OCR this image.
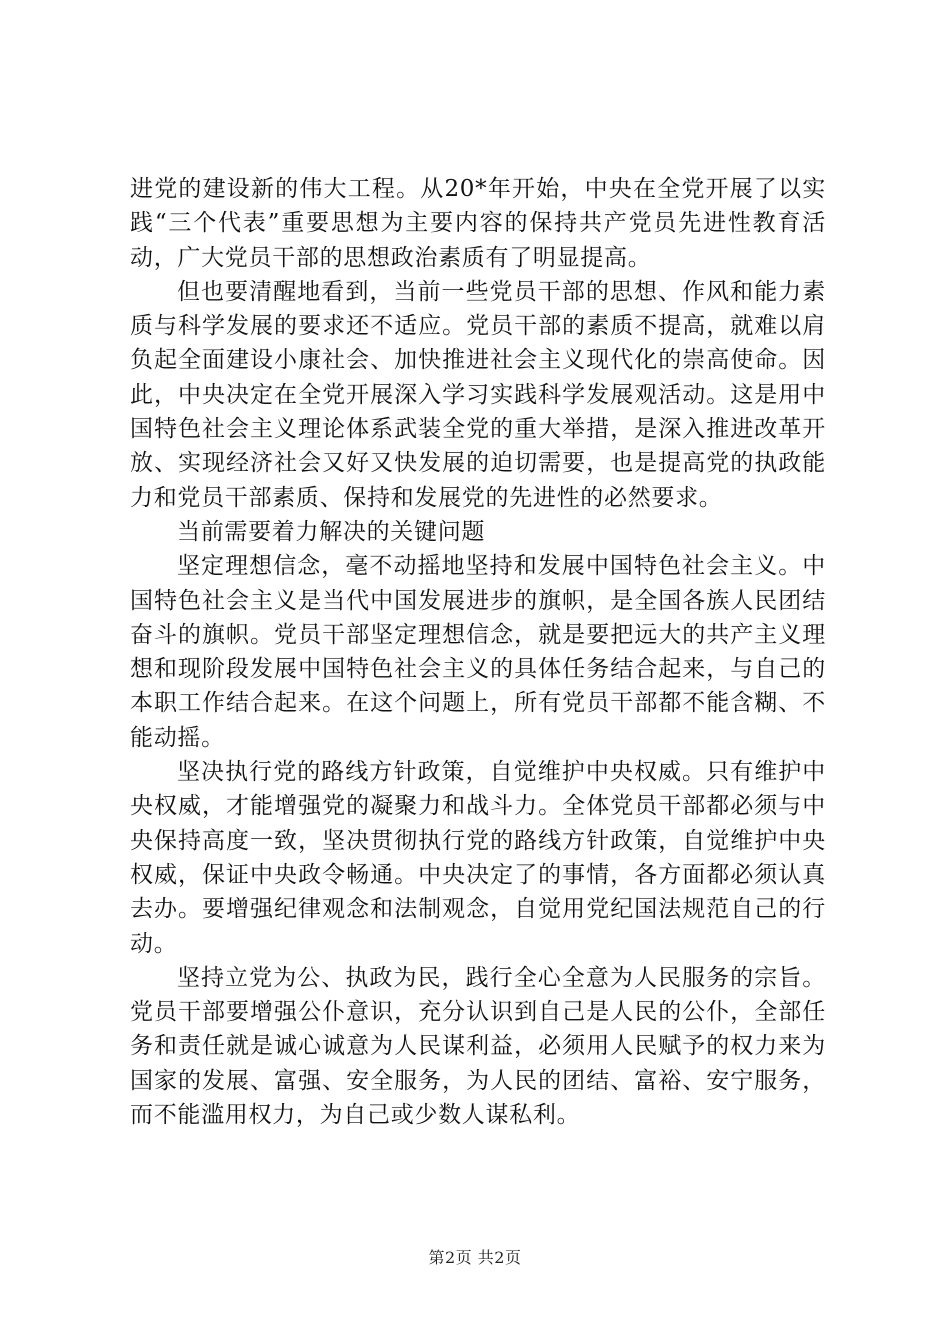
进党的建设新的伟大工程。从20*年开始，中央在全党开展了以实践“三个代表”重要思想为主要内容的保持共产党员先进性教育活动，广大党员干部的思想政治素质有了明显提高。

但也要清醒地看到，当前一些党员干部的思想、作风和能力素质与科学发展的要求还不适应。党员干部的素质不提高，就难以肩负起全面建设小康社会、加快推进社会主义现代化的崇高使命。因此，中央决定在全党开展深入学习实践科学发展观活动。这是用中国特色社会主义理论体系武装全党的重大举措，是深入推进改革开放、实现经济社会又好又快发展的迫切需要，也是提高党的执政能力和党员干部素质、保持和发展党的先进性的必然要求。

当前需要着力解决的关键问题

坚定理想信念，毫不动摇地坚持和发展中国特色社会主义。中国特色社会主义是当代中国发展进步的旗帜，是全国各族人民团结奋斗的旗帜。党员干部坚定理想信念，就是要把远大的共产主义理想和现阶段发展中国特色社会主义的具体任务结合起来，与自己的本职工作结合起来。在这个问题上，所有党员干部都不能含糊、不能动摇。

坚决执行党的路线方针政策，自觉维护中央权威。只有维护中央权威，才能增强党的凝聚力和战斗力。全体党员干部都必须与中央保持高度一致，坚决贯彻执行党的路线方针政策，自觉维护中央权威，保证中央政令畅通。中央决定了的事情，各方面都必须认真去办。要增强纪律观念和法制观念，自觉用党纪国法规范自己的行动。

坚持立党为公、执政为民，践行全心全意为人民服务的宗旨。党员干部要增强公仆意识，充分认识到自己是人民的公仆，全部任务和责任就是诚心诚意为人民谋利益，必须用人民赋予的权力来为国家的发展、富强、安全服务，为人民的团结、富裕、安宁服务，而不能滥用权力，为自己或少数人谋私利。

第2页 共2页
